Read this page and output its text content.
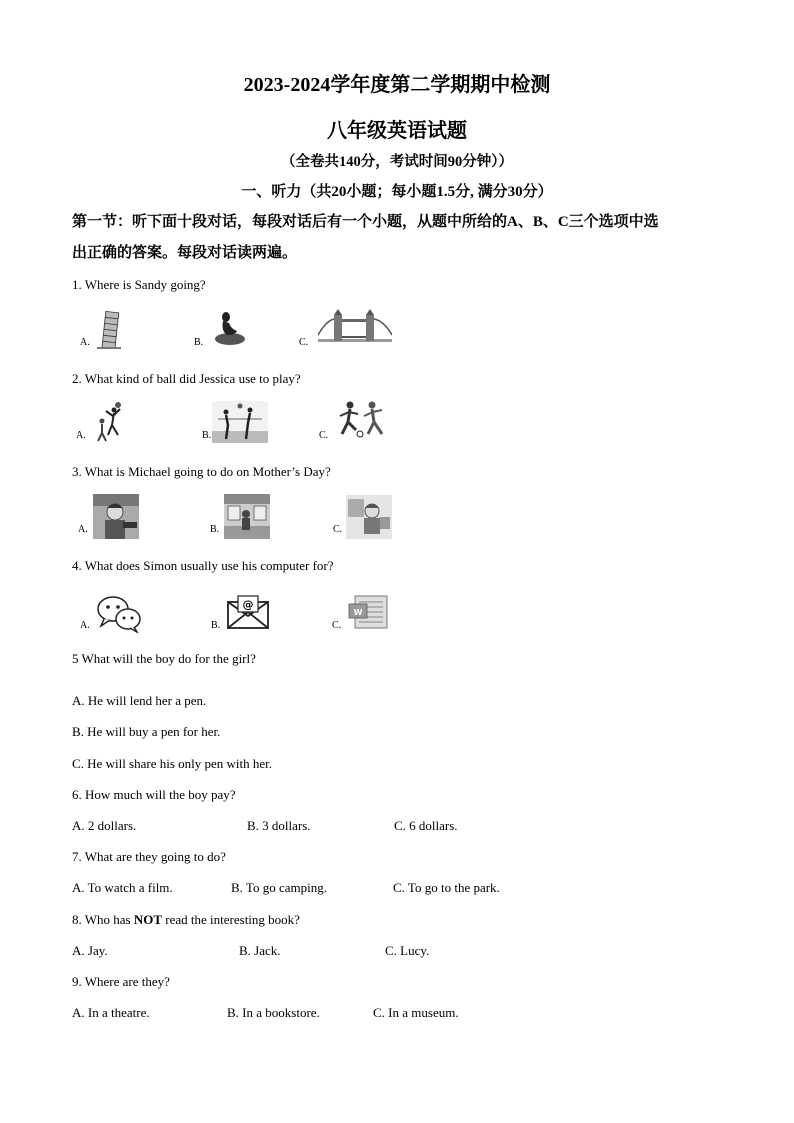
2023-2024学年度第二学期期中检测
八年级英语试题
（全卷共140分，考试时间90分钟））
一、听力（共20小题；每小题1.5分, 满分30分）
第一节：听下面十段对话，每段对话后有一个小题，从题中所给的A、B、C三个选项中选
出正确的答案。每段对话读两遍。
1. Where is Sandy going?
A.	B.	C.
2. What kind of ball did Jessica use to play?
A.	B.	C.
3. What is Michael going to do on Mother’s Day?
A.	B.	C.
4. What does Simon usually use his computer for?
A.	B.
@
C.
W
5 What will the boy do for the girl?
A. He will lend her a pen.
B. He will buy a pen for her.
C. He will share his only pen with her.
6. How much will the boy pay?
A. 2 dollars.	B. 3 dollars.	C. 6 dollars.
7. What are they going to do?
A. To watch a film.	B. To go camping.	C. To go to the park.
8. Who has NOT read the interesting book?
A. Jay.	B. Jack.	C. Lucy.
9. Where are they?
A. In a theatre.	B. In a bookstore.	C. In a museum.
